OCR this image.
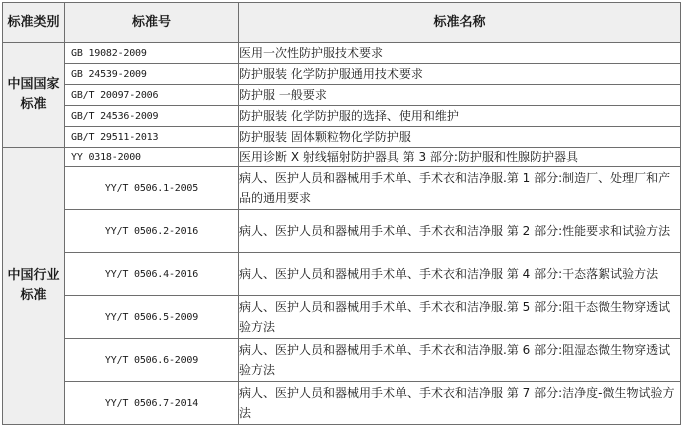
标准类别	标准号	标准名称
中国国家标准	GB 19082-2009	医用一次性防护服技术要求
	GB 24539-2009	防护服装 化学防护服通用技术要求
	GB/T 20097-2006	防护服 一般要求
	GB/T 24536-2009	防护服装 化学防护服的选择、使用和维护
	GB/T 29511-2013	防护服装 固体颗粒物化学防护服
中国行业标准	YY 0318-2000	医用诊断 X 射线辐射防护器具 第 3 部分:防护服和性腺防护器具
	YY/T 0506.1-2005	病人、医护人员和器械用手术单、手术衣和洁净服.第 1 部分:制造厂、处理厂和产品的通用要求
	YY/T 0506.2-2016	病人、医护人员和器械用手术单、手术衣和洁净服 第 2 部分:性能要求和试验方法
	YY/T 0506.4-2016	病人、医护人员和器械用手术单、手术衣和洁净服 第 4 部分:干态落絮试验方法
	YY/T 0506.5-2009	病人、医护人员和器械用手术单、手术衣和洁净服.第 5 部分:阻干态微生物穿透试验方法
	YY/T 0506.6-2009	病人、医护人员和器械用手术单、手术衣和洁净服.第 6 部分:阻湿态微生物穿透试验方法
	YY/T 0506.7-2014	病人、医护人员和器械用手术单、手术衣和洁净服 第 7 部分:洁净度-微生物试验方法
